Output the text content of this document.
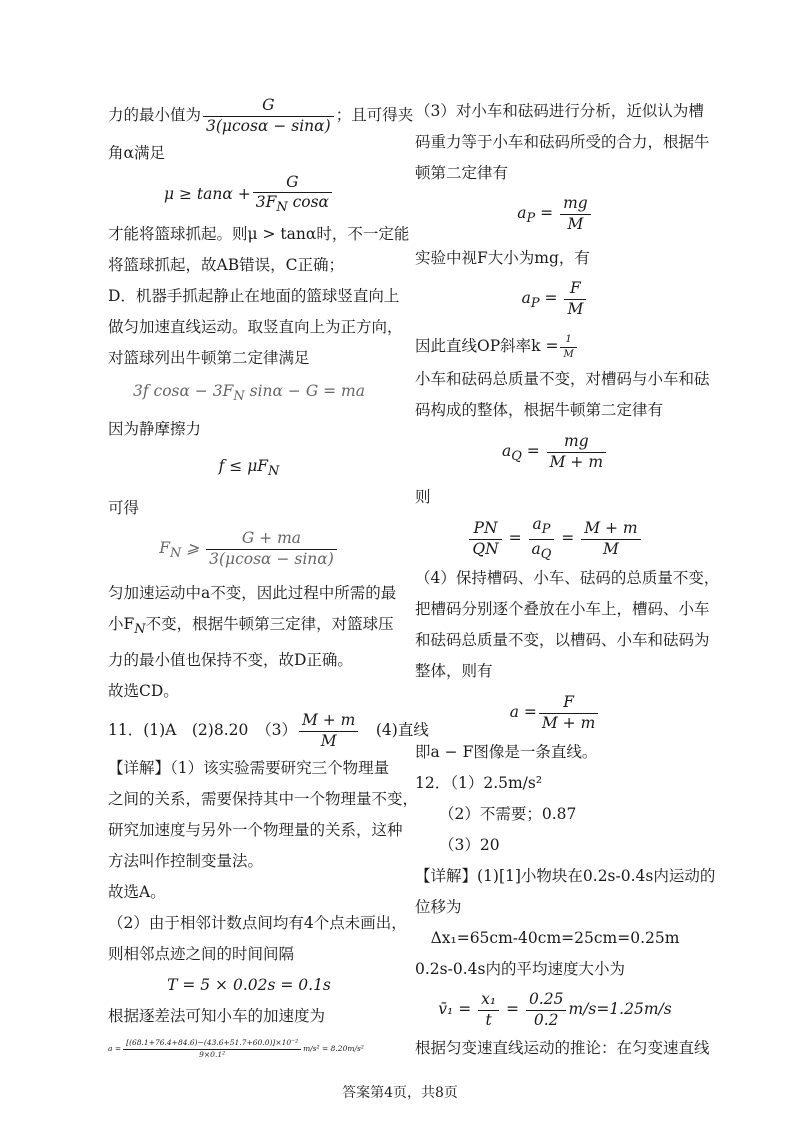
力的最小值为 $\frac{G}{3(\mu\cos\alpha - \sin\alpha)}$ ；且可得夹

角α满足

$\mu \ge \tan\alpha + \frac{G}{3F_N \cos\alpha}$

才能将篮球抓起。则μ > tanα时，不一定能

将篮球抓起，故AB错误，C正确；

D．机器手抓起静止在地面的篮球竖直向上

做匀加速直线运动。取竖直向上为正方向，

对篮球列出牛顿第二定律满足

3f $\cos\alpha - 3F_N$ sinα − G = ma

因为静摩擦力

$f \le \mu F_N$

可得

$F_N$ ⩾ $\frac{G + ma}{3(\mu\cos\alpha - \sin\alpha)}$

匀加速运动中a不变，因此过程中所需的最

小$F_N$不变，根据牛顿第三定律，对篮球压

力的最小值也保持不变，故D正确。

故选CD。

11．(1)A　(2)8.20　$(3) \frac{M + m}{M}$ 　(4)直线

【详解】（1）该实验需要研究三个物理量

之间的关系，需要保持其中一个物理量不变，

研究加速度与另外一个物理量的关系，这种

方法叫作控制变量法。

故选A。

（2）由于相邻计数点间均有4个点未画出，

则相邻点迹之间的时间间隔

T = 5 × 0.02s = 0.1s

根据逐差法可知小车的加速度为

$a = \frac{\text{[(68.1+76.4+84.6)−(43.6+51.7+60.0)]×10⁻²}}{\text{9×0.1²}} m/s^2 = 8.20m/s^2$

（3）对小车和砝码进行分析，近似认为槽

码重力等于小车和砝码所受的合力，根据牛

顿第二定律有

$a_P = \frac{mg}{M}$

实验中视F大小为mg，有

$a_P = \frac{F}{M}$

因此直线OP斜率$k = \frac{1}{M}$

小车和砝码总质量不变，对槽码与小车和砝

码构成的整体，根据牛顿第二定律有

$a_Q = \frac{mg}{M + m}$

则

$\frac{PN}{QN} = \frac{a_P}{a_Q} = \frac{M + m}{M}$

（4）保持槽码、小车、砝码的总质量不变，

把槽码分别逐个叠放在小车上，槽码、小车

和砝码总质量不变，以槽码、小车和砝码为

整体，则有

$a = \frac{F}{M + m}$

即a − F图像是一条直线。

12．（1）2.5m/s²

（2）不需要；0.87

（3）20

【详解】(1)[1]小物块在0.2s-0.4s内运动的

位移为

Δx₁=65cm-40cm=25cm=0.25m

0.2s-0.4s内的平均速度大小为

v̄₁ = $\frac{\text{x₁}}{t} = \frac{0.25}{0.2} m/s=1.25m/s$

根据匀变速直线运动的推论：在匀变速直线

答案第4页，共8页
